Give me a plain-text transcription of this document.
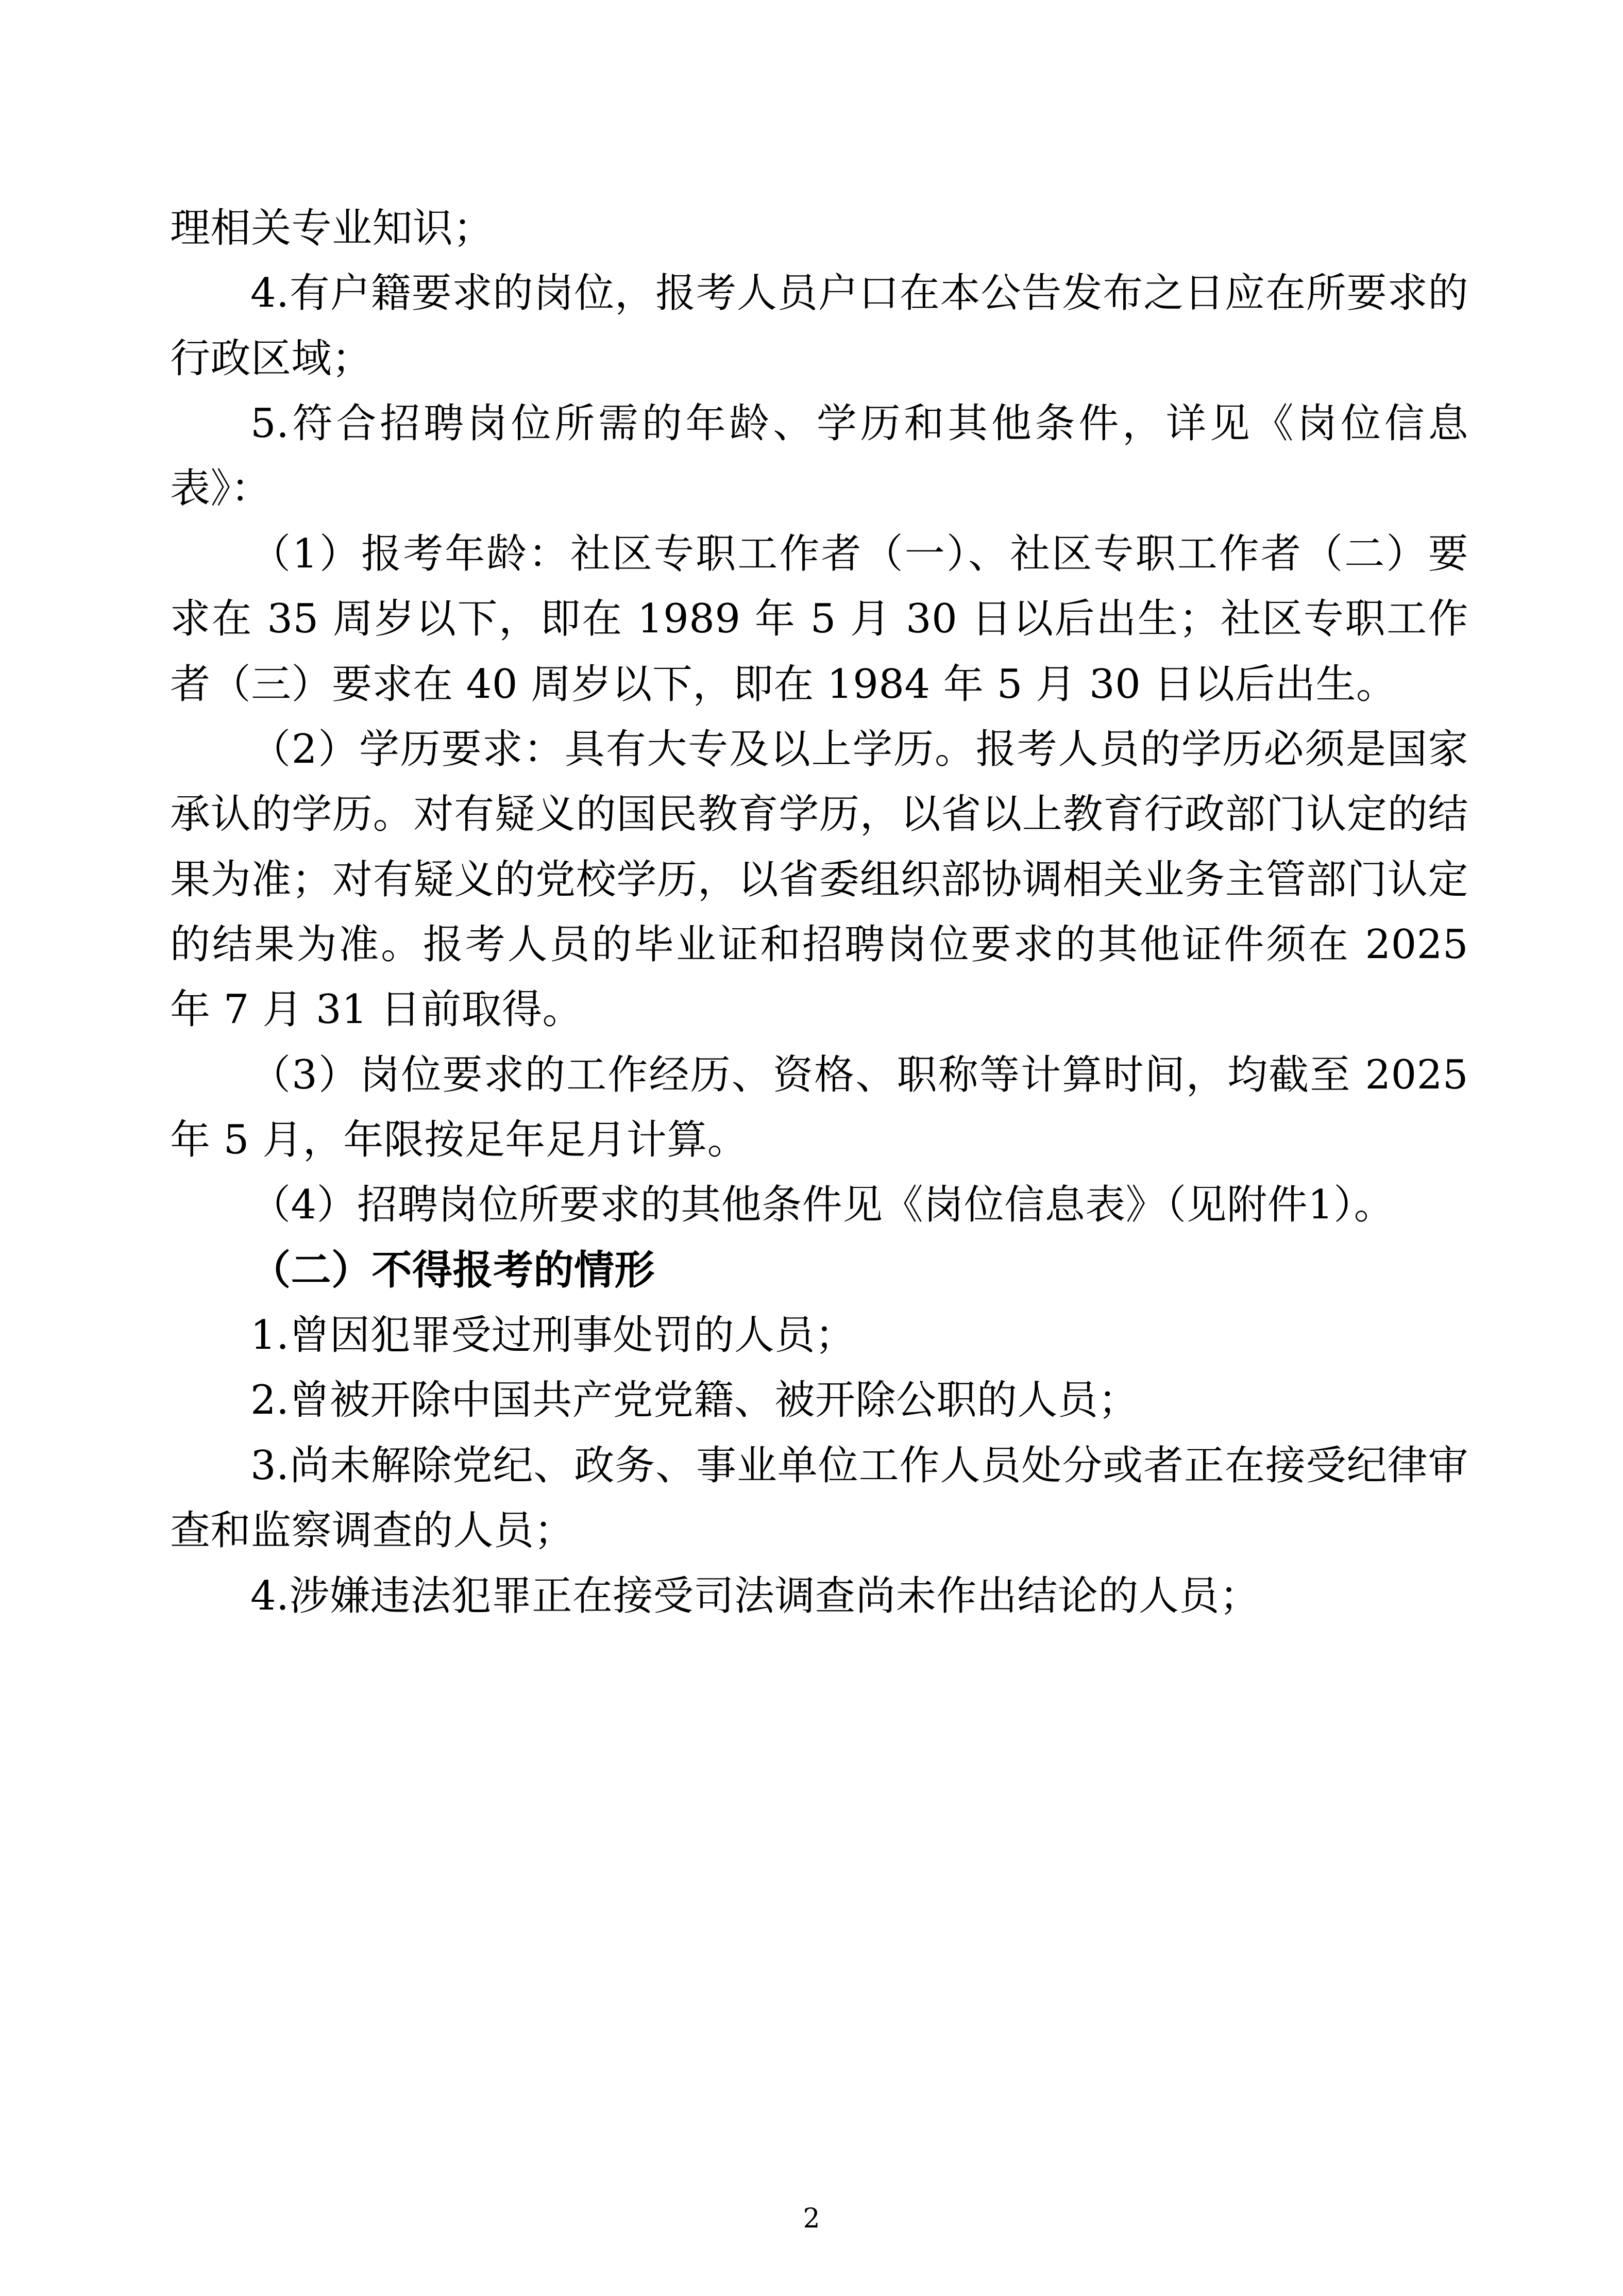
理相关专业知识；

4.有户籍要求的岗位，报考人员户口在本公告发布之日应在所要求的行政区域；

5.符合招聘岗位所需的年龄、学历和其他条件，详见《岗位信息表》：

（1）报考年龄：社区专职工作者（一）、社区专职工作者（二）要求在 35 周岁以下，即在 1989 年 5 月 30 日以后出生；社区专职工作者（三）要求在 40 周岁以下，即在 1984 年 5 月 30 日以后出生。

（2）学历要求：具有大专及以上学历。报考人员的学历必须是国家承认的学历。对有疑义的国民教育学历，以省以上教育行政部门认定的结果为准；对有疑义的党校学历，以省委组织部协调相关业务主管部门认定的结果为准。报考人员的毕业证和招聘岗位要求的其他证件须在 2025 年 7 月 31 日前取得。

（3）岗位要求的工作经历、资格、职称等计算时间，均截至 2025 年 5 月，年限按足年足月计算。

（4）招聘岗位所要求的其他条件见《岗位信息表》（见附件1）。

（二）不得报考的情形

1.曾因犯罪受过刑事处罚的人员；

2.曾被开除中国共产党党籍、被开除公职的人员；

3.尚未解除党纪、政务、事业单位工作人员处分或者正在接受纪律审查和监察调查的人员；

4.涉嫌违法犯罪正在接受司法调查尚未作出结论的人员；

2
